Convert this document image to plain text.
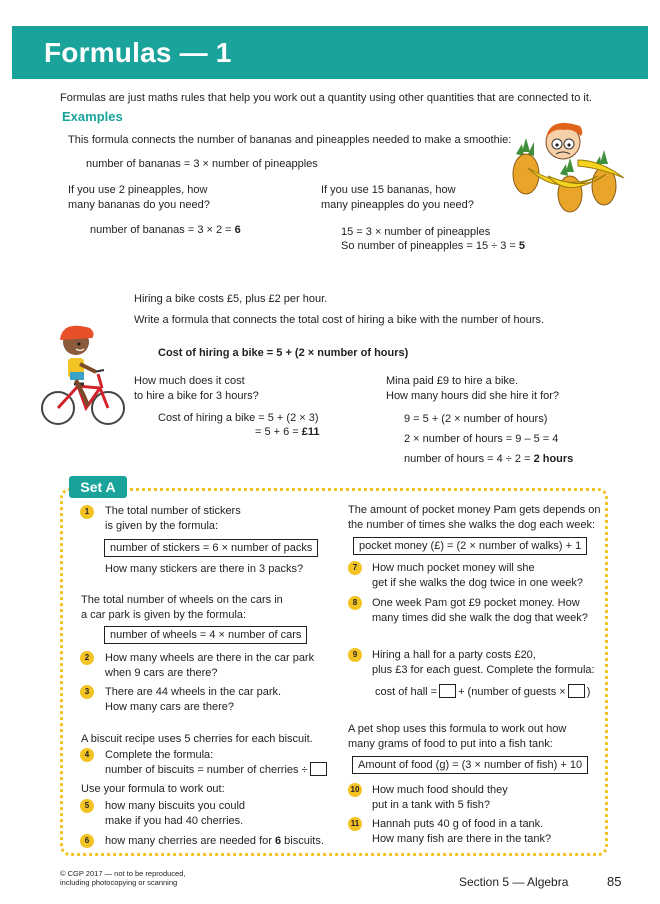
Formulas — 1
Formulas are just maths rules that help you work out a quantity using other quantities that are connected to it.
Examples
This formula connects the number of bananas and pineapples needed to make a smoothie:
number of bananas = 3 × number of pineapples
If you use 2 pineapples, how
many bananas do you need?
number of bananas = 3 × 2 = 6
If you use 15 bananas, how
many pineapples do you need?
15 = 3 × number of pineapples
So number of pineapples = 15 ÷ 3 = 5
Hiring a bike costs £5, plus £2 per hour.
Write a formula that connects the total cost of hiring a bike with the number of hours.
Cost of hiring a bike = 5 + (2 × number of hours)
How much does it cost
to hire a bike for 3 hours?
Cost of hiring a bike = 5 + (2 × 3)
= 5 + 6 = £11
Mina paid £9 to hire a bike.
How many hours did she hire it for?
9 = 5 + (2 × number of hours)
2 × number of hours = 9 – 5 = 4
number of hours = 4 ÷ 2 = 2 hours
Set A
1	The total number of stickers
is given by the formula:
number of stickers = 6 × number of packs
How many stickers are there in 3 packs?
The total number of wheels on the cars in
a car park is given by the formula:
number of wheels = 4 × number of cars
2	How many wheels are there in the car park
when 9 cars are there?
3	There are 44 wheels in the car park.
How many cars are there?
A biscuit recipe uses 5 cherries for each biscuit.
4	Complete the formula:
number of biscuits = number of cherries ÷
Use your formula to work out:
5	how many biscuits you could
make if you had 40 cherries.
6	how many cherries are needed for 6 biscuits.
The amount of pocket money Pam gets depends on
the number of times she walks the dog each week:
pocket money (£) = (2 × number of walks) + 1
7	How much pocket money will she
get if she walks the dog twice in one week?
8	One week Pam got £9 pocket money. How
many times did she walk the dog that week?
9	Hiring a hall for a party costs £20,
plus £3 for each guest. Complete the formula:
cost of hall = + (number of guests × )
A pet shop uses this formula to work out how
many grams of food to put into a fish tank:
Amount of food (g) = (3 × number of fish) + 10
10 How much food should they
put in a tank with 5 fish?
11 Hannah puts 40 g of food in a tank.
How many fish are there in the tank?
© CGP 2017 — not to be reproduced,
including photocopying or scanning	Section 5 — Algebra	85
